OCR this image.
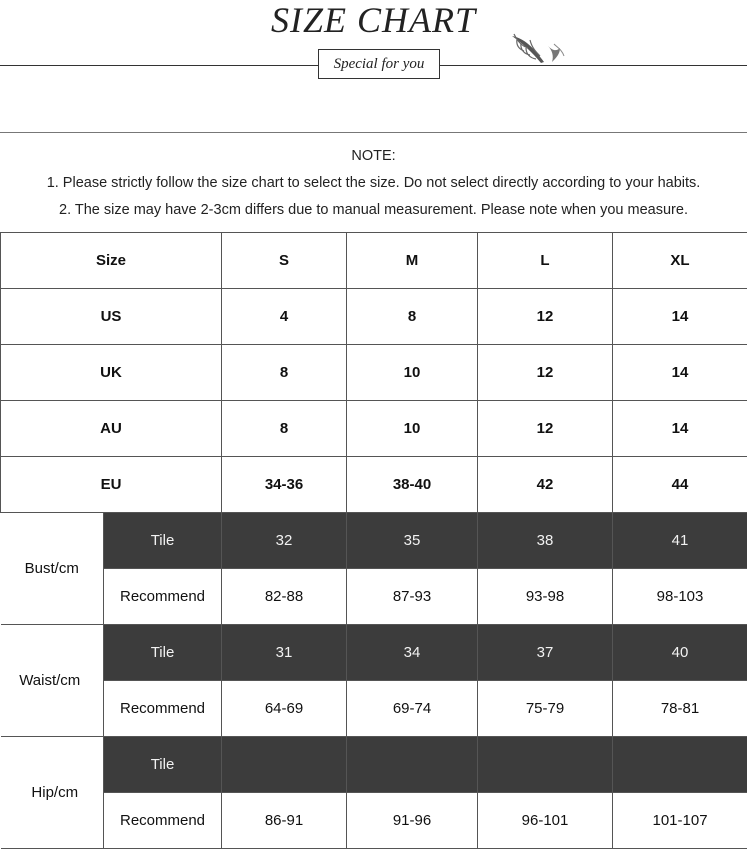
SIZE CHART
Special for you
NOTE:
1. Please strictly follow the size chart to select the size. Do not select directly according to your habits.
2. The size may have 2-3cm differs due to manual measurement. Please note when you measure.
Size		S	M	L	XL
US		4	8	12	14
UK		8	10	12	14
AU		8	10	12	14
EU		34-36	38-40	42	44
Bust/cm	Tile	32	35	38	41
	Recommend	82-88	87-93	93-98	98-103
Waist/cm	Tile	31	34	37	40
	Recommend	64-69	69-74	75-79	78-81
Hip/cm	Tile				
	Recommend	86-91	91-96	96-101	101-107
